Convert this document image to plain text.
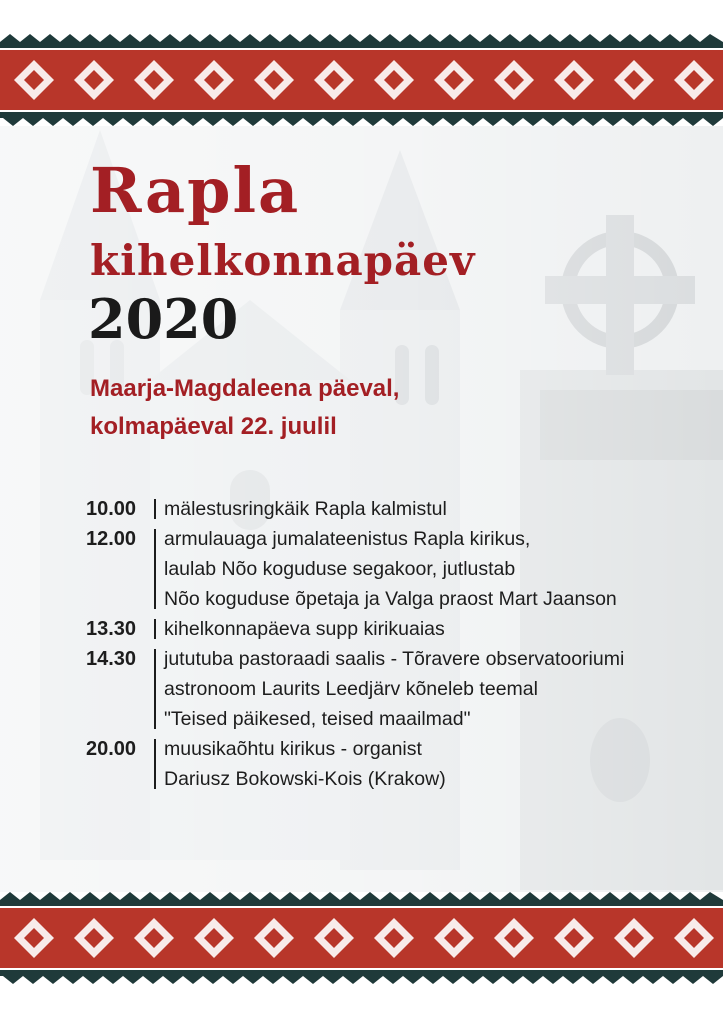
Rapla
kihelkonnapäev
2020
Maarja-Magdaleena päeval,
kolmapäeval 22. juulil
10.00	mälestusringkäik Rapla kalmistul
12.00	armulauaga jumalateenistus Rapla kirikus,
laulab Nõo koguduse segakoor, jutlustab
Nõo koguduse õpetaja ja Valga praost Mart Jaanson
13.30	kihelkonnapäeva supp kirikuaias
14.30	jututuba pastoraadi saalis - Tõravere observatooriumi
astronoom Laurits Leedjärv kõneleb teemal
"Teised päikesed, teised maailmad"
20.00	muusikaõhtu kirikus - organist
Dariusz Bokowski-Kois (Krakow)
